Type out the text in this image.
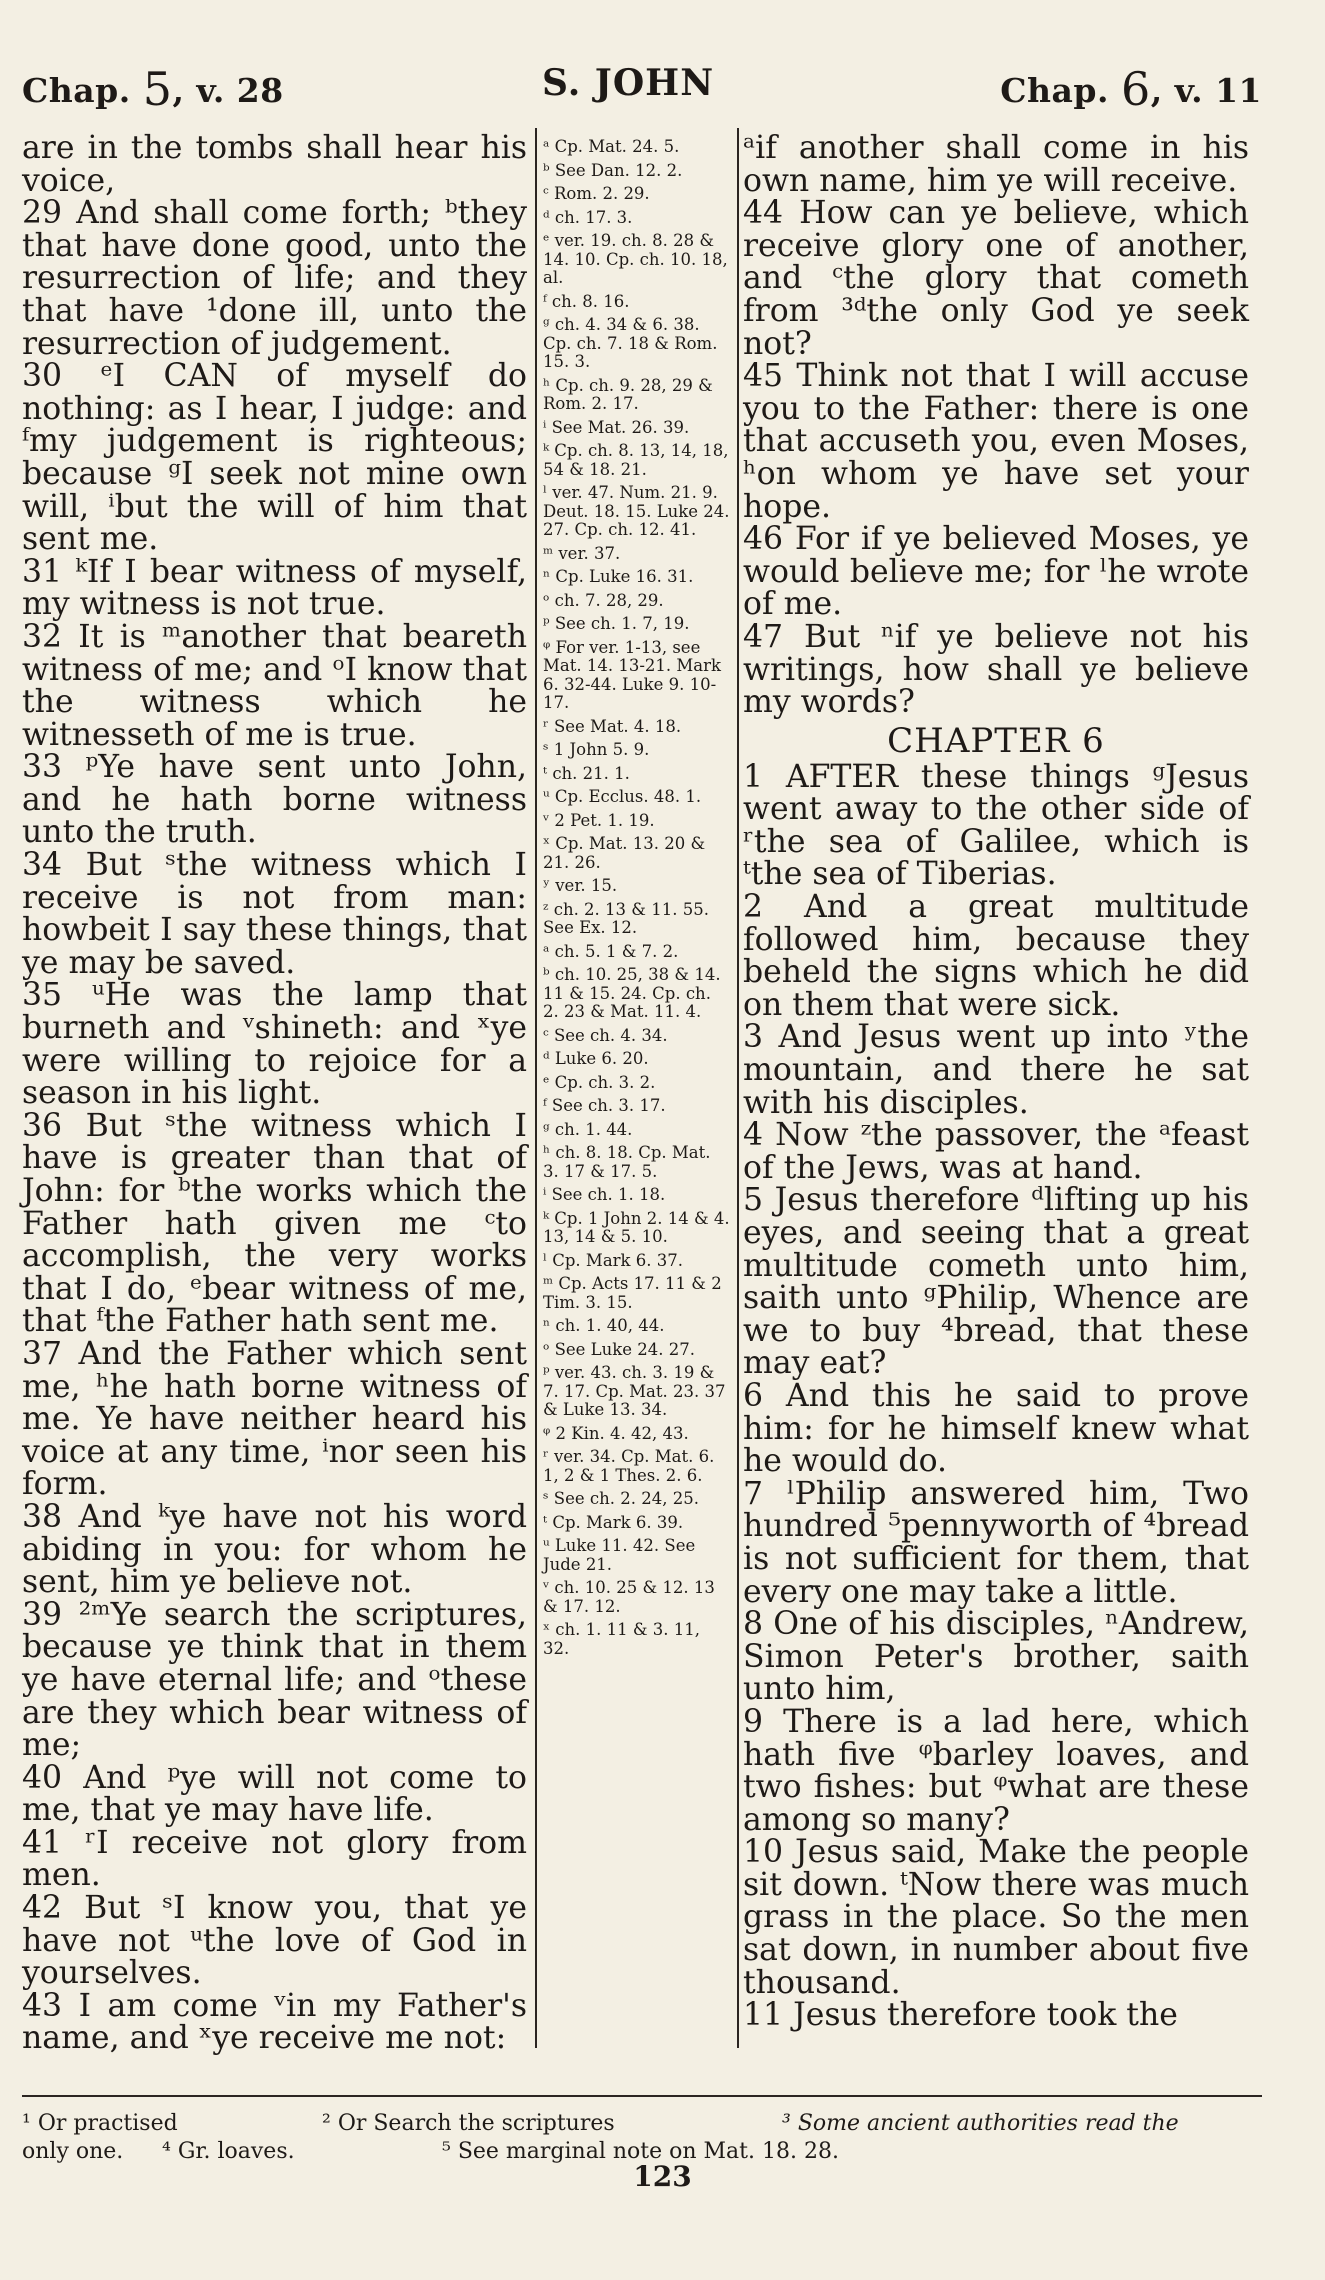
Chap. 5, v. 28	S. JOHN	Chap. 6, v. 11

are in the tombs shall hear his voice,

29 And shall come forth; ᵇthey that have done good, unto the resurrection of life; and they that have ¹done ill, unto the resurrection of judgement.

30 ᵉI CAN of myself do nothing: as I hear, I judge: and ᶠmy judgement is righteous; because ᵍI seek not mine own will, ⁱbut the will of him that sent me.

31 ᵏIf I bear witness of myself, my witness is not true.

32 It is ᵐanother that beareth witness of me; and ᵒI know that the witness which he witnesseth of me is true.

33 ᵖYe have sent unto John, and he hath borne witness unto the truth.

34 But ˢthe witness which I receive is not from man: howbeit I say these things, that ye may be saved.

35 ᵘHe was the lamp that burneth and ᵛshineth: and ˣye were willing to rejoice for a season in his light.

36 But ˢthe witness which I have is greater than that of John: for ᵇthe works which the Father hath given me ᶜto accomplish, the very works that I do, ᵉbear witness of me, that ᶠthe Father hath sent me.

37 And the Father which sent me, ʰhe hath borne witness of me. Ye have neither heard his voice at any time, ⁱnor seen his form.

38 And ᵏye have not his word abiding in you: for whom he sent, him ye believe not.

39 ²ᵐYe search the scriptures, because ye think that in them ye have eternal life; and ᵒthese are they which bear witness of me;

40 And ᵖye will not come to me, that ye may have life.

41 ʳI receive not glory from men.

42 But ˢI know you, that ye have not ᵘthe love of God in yourselves.

43 I am come ᵛin my Father's name, and ˣye receive me not:

ᵃ Cp. Mat. 24. 5.
ᵇ See Dan. 12. 2.
ᶜ Rom. 2. 29.
ᵈ ch. 17. 3.
ᵉ ver. 19. ch. 8. 28 & 14. 10. Cp. ch. 10. 18, al.
ᶠ ch. 8. 16.
ᵍ ch. 4. 34 & 6. 38. Cp. ch. 7. 18 & Rom. 15. 3.
ʰ Cp. ch. 9. 28, 29 & Rom. 2. 17.
ⁱ See Mat. 26. 39.
ᵏ Cp. ch. 8. 13, 14, 18, 54 & 18. 21.
ˡ ver. 47. Num. 21. 9. Deut. 18. 15. Luke 24. 27. Cp. ch. 12. 41.
ᵐ ver. 37.
ⁿ Cp. Luke 16. 31.
ᵒ ch. 7. 28, 29.
ᵖ See ch. 1. 7, 19.
ᵠ For ver. 1-13, see Mat. 14. 13-21. Mark 6. 32-44. Luke 9. 10-17.
ʳ See Mat. 4. 18.
ˢ 1 John 5. 9.
ᵗ ch. 21. 1.
ᵘ Cp. Ecclus. 48. 1.
ᵛ 2 Pet. 1. 19.
ˣ Cp. Mat. 13. 20 & 21. 26.
ʸ ver. 15.
ᶻ ch. 2. 13 & 11. 55. See Ex. 12.
ᵃ ch. 5. 1 & 7. 2.
ᵇ ch. 10. 25, 38 & 14. 11 & 15. 24. Cp. ch. 2. 23 & Mat. 11. 4.
ᶜ See ch. 4. 34.
ᵈ Luke 6. 20.
ᵉ Cp. ch. 3. 2.
ᶠ See ch. 3. 17.
ᵍ ch. 1. 44.
ʰ ch. 8. 18. Cp. Mat. 3. 17 & 17. 5.
ⁱ See ch. 1. 18.
ᵏ Cp. 1 John 2. 14 & 4. 13, 14 & 5. 10.
ˡ Cp. Mark 6. 37.
ᵐ Cp. Acts 17. 11 & 2 Tim. 3. 15.
ⁿ ch. 1. 40, 44.
ᵒ See Luke 24. 27.
ᵖ ver. 43. ch. 3. 19 & 7. 17. Cp. Mat. 23. 37 & Luke 13. 34.
ᵠ 2 Kin. 4. 42, 43.
ʳ ver. 34. Cp. Mat. 6. 1, 2 & 1 Thes. 2. 6.
ˢ See ch. 2. 24, 25.
ᵗ Cp. Mark 6. 39.
ᵘ Luke 11. 42. See Jude 21.
ᵛ ch. 10. 25 & 12. 13 & 17. 12.
ˣ ch. 1. 11 & 3. 11, 32.

ᵃif another shall come in his own name, him ye will receive.

44 How can ye believe, which receive glory one of another, and ᶜthe glory that cometh from ³ᵈthe only God ye seek not?

45 Think not that I will accuse you to the Father: there is one that accuseth you, even Moses, ʰon whom ye have set your hope.

46 For if ye believed Moses, ye would believe me; for ˡhe wrote of me.

47 But ⁿif ye believe not his writings, how shall ye believe my words?

CHAPTER 6

1 AFTER these things ᵍJesus went away to the other side of ʳthe sea of Galilee, which is ᵗthe sea of Tiberias.

2 And a great multitude followed him, because they beheld the signs which he did on them that were sick.

3 And Jesus went up into ʸthe mountain, and there he sat with his disciples.

4 Now ᶻthe passover, the ᵃfeast of the Jews, was at hand.

5 Jesus therefore ᵈlifting up his eyes, and seeing that a great multitude cometh unto him, saith unto ᵍPhilip, Whence are we to buy ⁴bread, that these may eat?

6 And this he said to prove him: for he himself knew what he would do.

7 ˡPhilip answered him, Two hundred ⁵pennyworth of ⁴bread is not sufficient for them, that every one may take a little.

8 One of his disciples, ⁿAndrew, Simon Peter's brother, saith unto him,

9 There is a lad here, which hath five ᵠbarley loaves, and two fishes: but ᵠwhat are these among so many?

10 Jesus said, Make the people sit down. ᵗNow there was much grass in the place. So the men sat down, in number about five thousand.

11 Jesus therefore took the

¹ Or practised	² Or Search the scriptures	³ Some ancient authorities read the
only one. ⁴ Gr. loaves.	⁵ See marginal note on Mat. 18. 28.
123
